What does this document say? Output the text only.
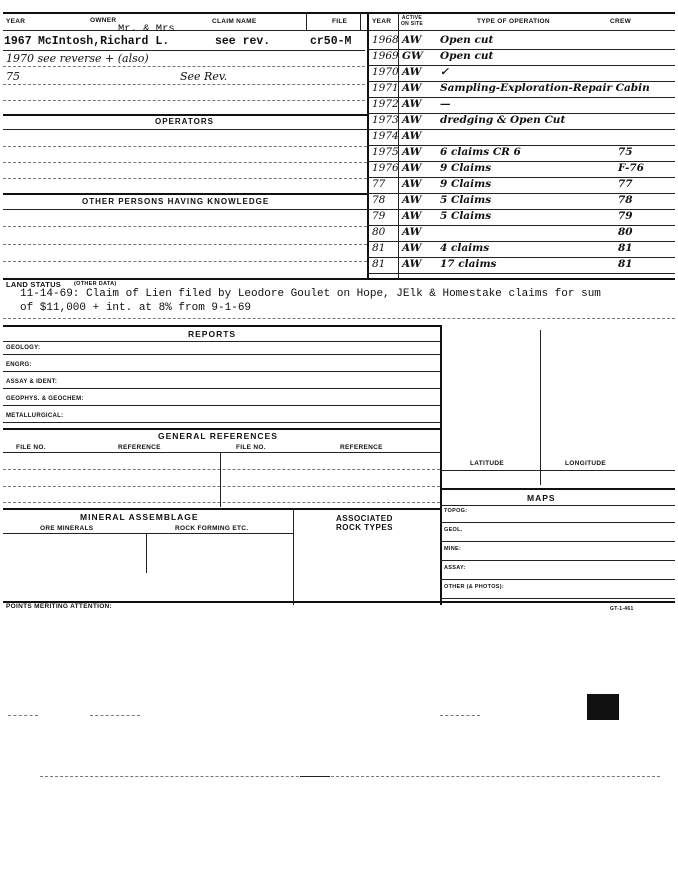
YEAR	OWNER	CLAIM NAME	FILE	YEAR	ACTIVE ON SITE	TYPE OF OPERATION	CREW
Mr. & Mrs
1967 McIntosh,Richard L.	see rev.	cr50-M
1970 see reverse + (also)
75	See Rev.
OPERATORS
OTHER PERSONS HAVING KNOWLEDGE
1968 AW Open cut
1969 GW Open cut
1970 AW ✓
1971 AW Sampling-Exploration-Repair Cabin
1972 AW —
1973 AW dredging & Open Cut
1974 AW
1975 AW 6 claims CR 6	75
1976 AW 9 Claims	F-76
77 AW 9 Claims	77
78 AW 5 Claims	78
79 AW 5 Claims	79
80 AW	80
81 AW 4 claims	81
81 AW 17 claims	81
LAND STATUS (OTHER DATA)
11-14-69: Claim of Lien filed by Leodore Goulet on Hope, JElk & Homestake claims for sum
of $11,000 + int. at 8% from 9-1-69
REPORTS
GEOLOGY:
ENGRG:
ASSAY & IDENT:
GEOPHYS. & GEOCHEM:
METALLURGICAL:
GENERAL REFERENCES
FILE NO.	REFERENCE	FILE NO.	REFERENCE
LATITUDE	LONGITUDE
MAPS
TOPOG:
GEOL.
MINE:
ASSAY:
OTHER (& PHOTOS):
MINERAL ASSEMBLAGE
ORE MINERALS	ROCK FORMING ETC.
ASSOCIATED
ROCK TYPES
POINTS MERITING ATTENTION:	GT-1-461
